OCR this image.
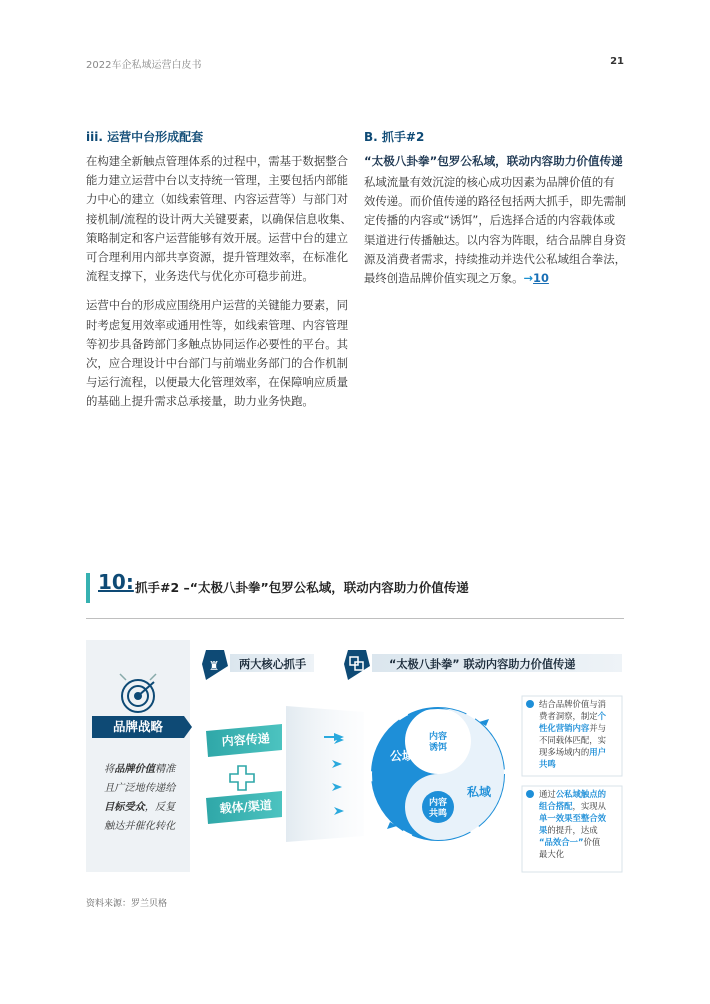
2022车企私域运营白皮书	21
iii. 运营中台形成配套

在构建全新触点管理体系的过程中，需基于数据整合

能力建立运营中台以支持统一管理，主要包括内部能

力中心的建立（如线索管理、内容运营等）与部门对

接机制/流程的设计两大关键要素，以确保信息收集、

策略制定和客户运营能够有效开展。运营中台的建立

可合理利用内部共享资源，提升管理效率，在标准化

流程支撑下，业务迭代与优化亦可稳步前进。

运营中台的形成应围绕用户运营的关键能力要素，同

时考虑复用效率或通用性等，如线索管理、内容管理

等初步具备跨部门多触点协同运作必要性的平台。其

次，应合理设计中台部门与前端业务部门的合作机制

与运行流程，以便最大化管理效率，在保障响应质量

的基础上提升需求总承接量，助力业务快跑。

B. 抓手#2
“太极八卦拳”包罗公私域，联动内容助力价值传递

私域流量有效沉淀的核心成功因素为品牌价值的有

效传递。而价值传递的路径包括两大抓手，即先需制

定传播的内容或“诱饵”，后选择合适的内容载体或

渠道进行传播触达。以内容为阵眼，结合品牌自身资

源及消费者需求，持续推动并迭代公私域组合拳法，

最终创造品牌价值实现之万象。→10

10: 抓手#2 –“太极八卦拳”包罗公私域，联动内容助力价值传递
品牌战略
将品牌价值精准 且广泛地传递给 目标受众，反复 触达并催化转化
♜ 两大核心抓手
内容传递
载体/渠道
“太极八卦拳” 联动内容助力价值传递
内容
诱饵
内容
共鸣
公域
私域
结合品牌价值与消 费者洞察，制定个 性化营销内容并与 不同载体匹配，实 现多场域内的用户 共鸣
通过公私域触点的 组合搭配，实现从 单一效果至整合效 果的提升，达成 “品效合一”价值 最大化
资料来源：罗兰贝格
